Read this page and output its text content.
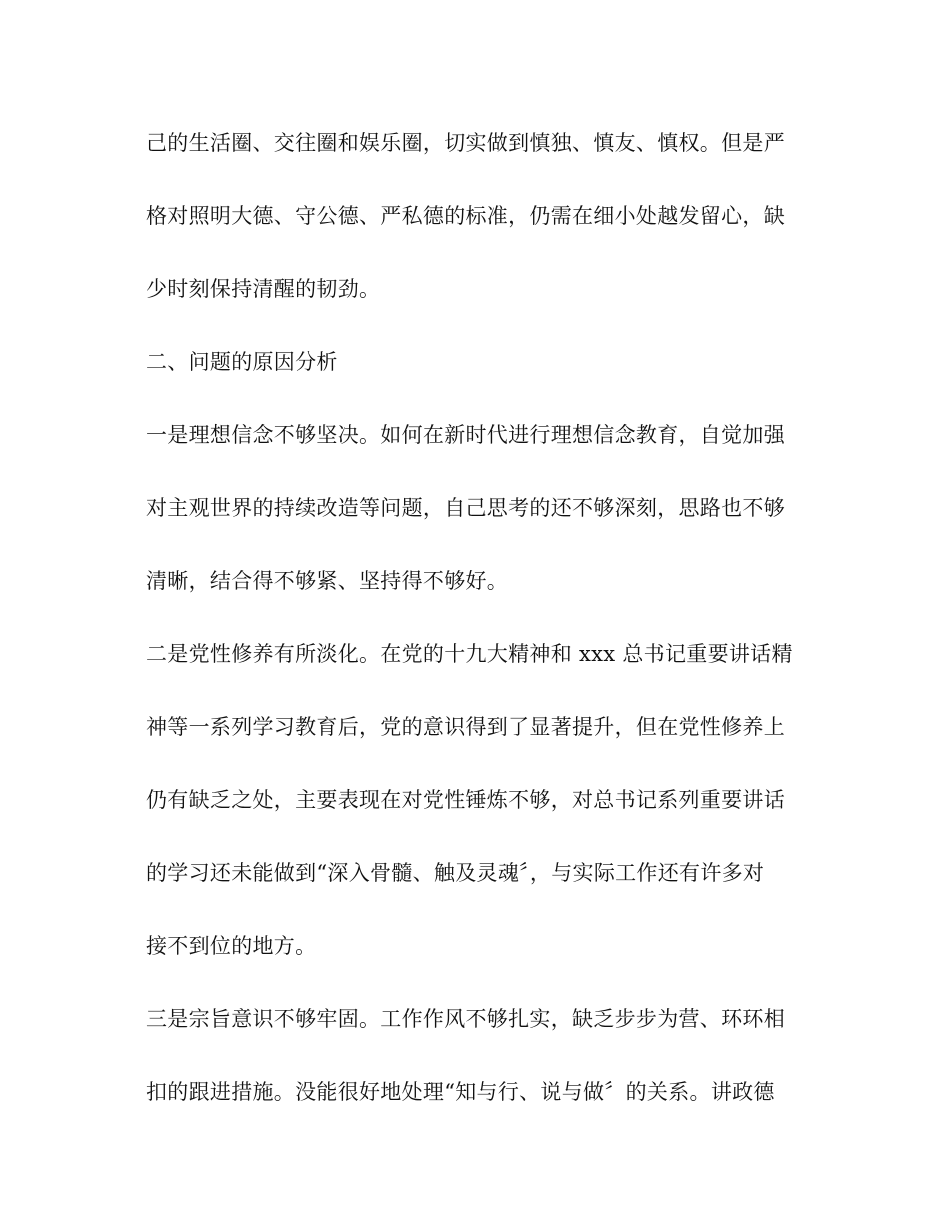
己的生活圈、交往圈和娱乐圈，切实做到慎独、慎友、慎权。但是严
格对照明大德、守公德、严私德的标准，仍需在细小处越发留心，缺
少时刻保持清醒的韧劲。
二、问题的原因分析
一是理想信念不够坚决。如何在新时代进行理想信念教育，自觉加强
对主观世界的持续改造等问题，自己思考的还不够深刻，思路也不够
清晰，结合得不够紧、坚持得不够好。
二是党性修养有所淡化。在党的十九大精神和 xxx 总书记重要讲话精
神等一系列学习教育后，党的意识得到了显著提升，但在党性修养上
仍有缺乏之处，主要表现在对党性锤炼不够，对总书记系列重要讲话
的学习还未能做到“深入骨髓、触及灵魂〞，与实际工作还有许多对
接不到位的地方。
三是宗旨意识不够牢固。工作作风不够扎实，缺乏步步为营、环环相
扣的跟进措施。没能很好地处理“知与行、说与做〞的关系。讲政德
